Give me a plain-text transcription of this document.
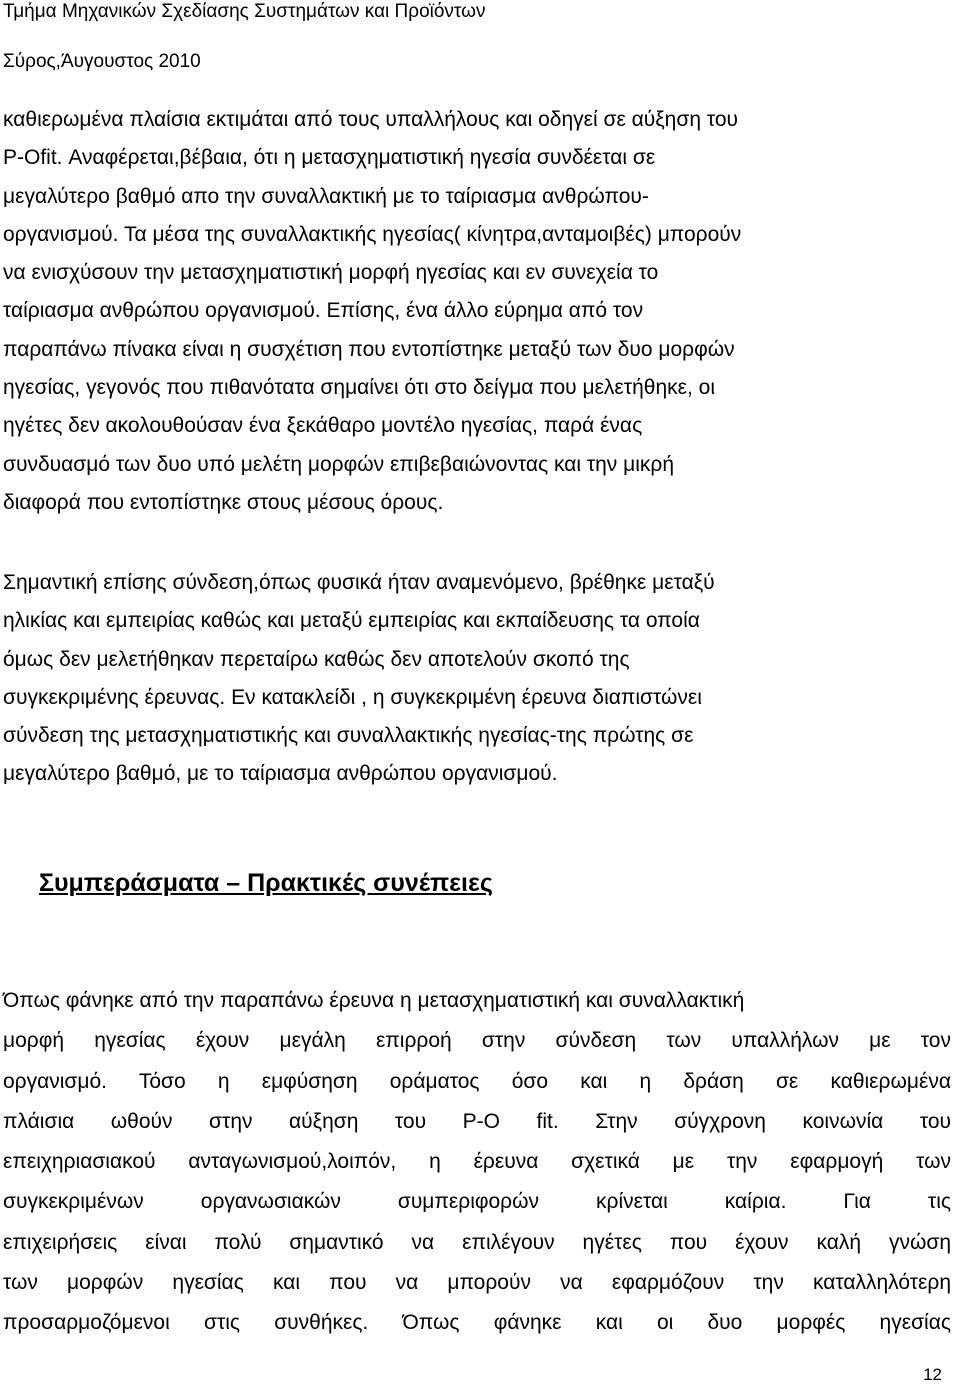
Τμήμα Μηχανικών Σχεδίασης Συστημάτων και Προϊόντων
Σύρος,Άυγουστος 2010

καθιερωμένα πλαίσια εκτιμάται από τους υπαλλήλους και οδηγεί σε αύξηση του
P-Ofit. Αναφέρεται,βέβαια, ότι η μετασχηματιστική ηγεσία συνδέεται σε
μεγαλύτερο βαθμό απο την συναλλακτική με το ταίριασμα ανθρώπου-
οργανισμού. Τα μέσα της συναλλακτικής ηγεσίας( κίνητρα,ανταμοιβές) μπορούν
να ενισχύσουν την μετασχηματιστική μορφή ηγεσίας και εν συνεχεία το
ταίριασμα ανθρώπου οργανισμού. Επίσης, ένα άλλο εύρημα από τον
παραπάνω πίνακα είναι η συσχέτιση που εντοπίστηκε μεταξύ των δυο μορφών
ηγεσίας, γεγονός που πιθανότατα σημαίνει ότι στο δείγμα που μελετήθηκε, οι
ηγέτες δεν ακολουθούσαν ένα ξεκάθαρο μοντέλο ηγεσίας, παρά ένας
συνδυασμό των δυο υπό μελέτη μορφών επιβεβαιώνοντας και την μικρή
διαφορά που εντοπίστηκε στους μέσους όρους.

Σημαντική επίσης σύνδεση,όπως φυσικά ήταν αναμενόμενο, βρέθηκε μεταξύ
ηλικίας και εμπειρίας καθώς και μεταξύ εμπειρίας και εκπαίδευσης τα οποία
όμως δεν μελετήθηκαν περεταίρω καθώς δεν αποτελούν σκοπό της
συγκεκριμένης έρευνας. Εν κατακλείδι , η συγκεκριμένη έρευνα διαπιστώνει
σύνδεση της μετασχηματιστικής και συναλλακτικής ηγεσίας-της πρώτης σε
μεγαλύτερο βαθμό, με το ταίριασμα ανθρώπου οργανισμού.

Συμπεράσματα – Πρακτικές συνέπειες

Όπως φάνηκε από την παραπάνω έρευνα η μετασχηματιστική και συναλλακτική
μορφή ηγεσίας έχουν μεγάλη επιρροή στην σύνδεση των υπαλλήλων με τον
οργανισμό. Τόσο η εμφύσηση οράματος όσο και η δράση σε καθιερωμένα
πλάισια ωθούν στην αύξηση του P-O fit. Στην σύγχρονη κοινωνία του
επειχηριασιακού ανταγωνισμού,λοιπόν, η έρευνα σχετικά με την εφαρμογή των
συγκεκριμένων οργανωσιακών συμπεριφορών κρίνεται καίρια. Για τις
επιχειρήσεις είναι πολύ σημαντικό να επιλέγουν ηγέτες που έχουν καλή γνώση
των μορφών ηγεσίας και που να μπορούν να εφαρμόζουν την καταλληλότερη
προσαρμοζόμενοι στις συνθήκες. Όπως φάνηκε και οι δυο μορφές ηγεσίας

12
